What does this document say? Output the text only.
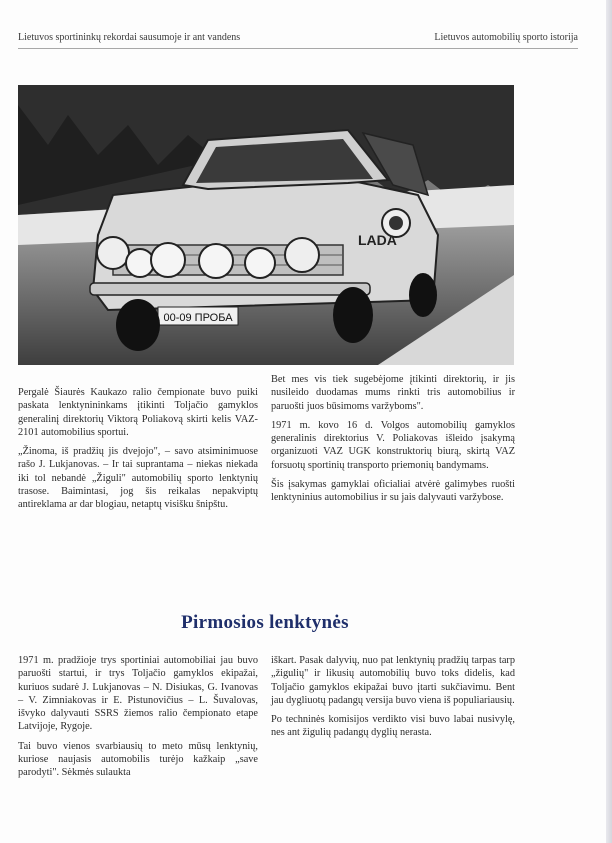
Lietuvos sportininkų rekordai sausumoje ir ant vandens	Lietuvos automobilių sporto istorija
00-09 ПРОБА
LADA

Pergalė Šiaurės Kaukazo ralio čempionate buvo puiki paskata lenktynininkams įtikinti Toljačio gamyklos generalinį direktorių Viktorą Poliakovą skirti kelis VAZ-2101 automobilius sportui.

„Žinoma, iš pradžių jis dvejojo", – savo atsiminimuose rašo J. Lukjanovas. – Ir tai suprantama – niekas niekada iki tol nebandė „Žiguli" automobilių sporto lenktynių trasose. Baimintasi, jog šis reikalas nepakviptų antireklama ar dar blogiau, netaptų visišku šnipštu.

Bet mes vis tiek sugebėjome įtikinti direktorių, ir jis nusileido duodamas mums rinkti tris automobilius ir paruošti juos būsimoms varžyboms".

1971 m. kovo 16 d. Volgos automobilių gamyklos generalinis direktorius V. Poliakovas išleido įsakymą organizuoti VAZ UGK konstruktorių biurą, skirtą VAZ forsuotų sportinių transporto priemonių bandymams.

Šis įsakymas gamyklai oficialiai atvėrė galimybes ruošti lenktyninius automobilius ir su jais dalyvauti varžybose.

Pirmosios lenktynės

1971 m. pradžioje trys sportiniai automobiliai jau buvo paruošti startui, ir trys Toljačio gamyklos ekipažai, kuriuos sudarė J. Lukjanovas – N. Disiukas, G. Ivanovas – V. Zimniakovas ir E. Pistunovičius – L. Šuvalovas, išvyko dalyvauti SSRS žiemos ralio čempionato etape Latvijoje, Rygoje.

Tai buvo vienos svarbiausių to meto mūsų lenktynių, kuriose naujasis automobilis turėjo kažkaip „save parodyti". Sėkmės sulaukta

iškart. Pasak dalyvių, nuo pat lenktynių pradžių tarpas tarp „žigulių" ir likusių automobilių buvo toks didelis, kad Toljačio gamyklos ekipažai buvo įtarti sukčiavimu. Bent jau dygliuotų padangų versija buvo viena iš populiariausių.

Po techninės komisijos verdikto visi buvo labai nusivylę, nes ant žigulių padangų dyglių nerasta.
